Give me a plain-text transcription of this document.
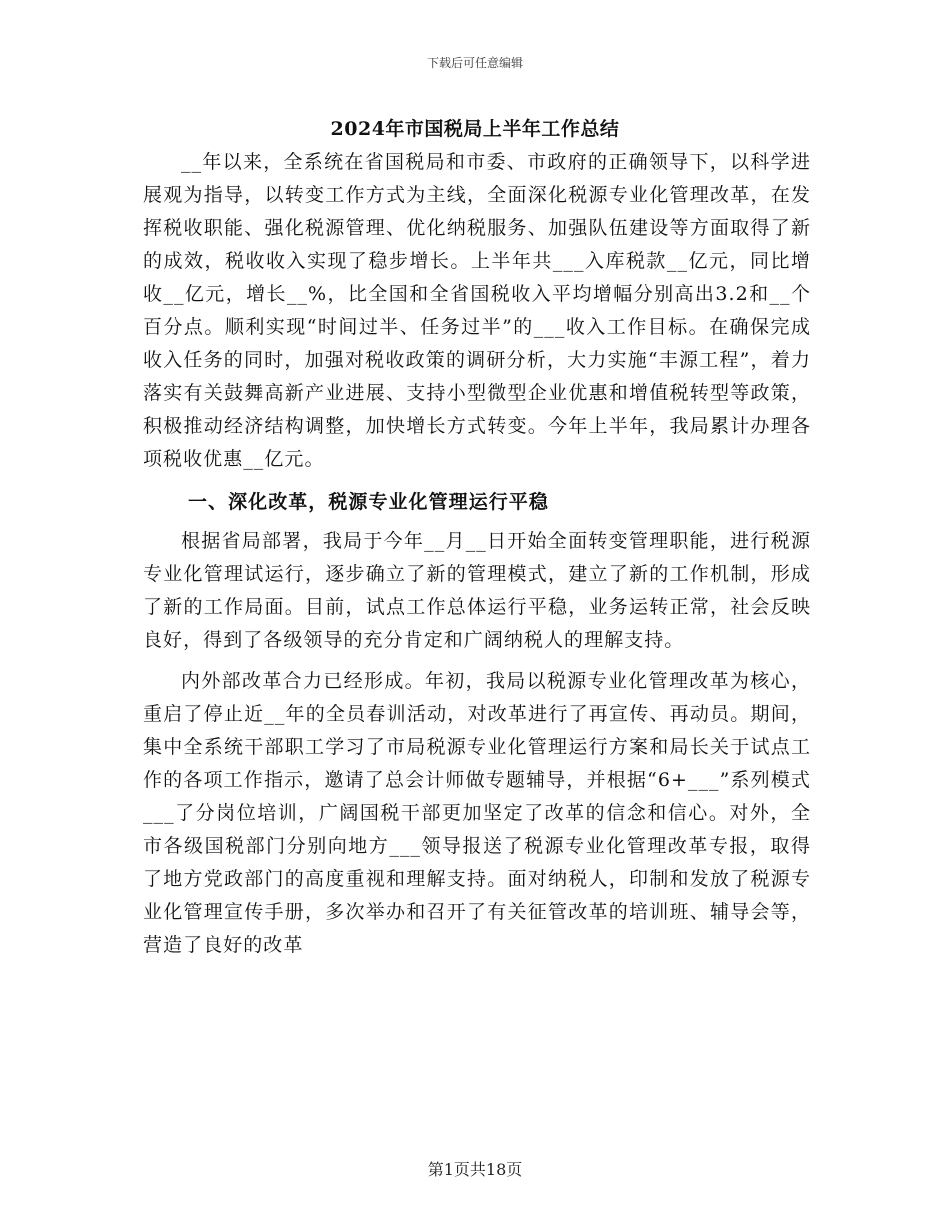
下载后可任意编辑
2024年市国税局上半年工作总结

__年以来，全系统在省国税局和市委、市政府的正确领导下，以科学进展观为指导，以转变工作方式为主线，全面深化税源专业化管理改革，在发挥税收职能、强化税源管理、优化纳税服务、加强队伍建设等方面取得了新的成效，税收收入实现了稳步增长。上半年共___入库税款__亿元，同比增收__亿元，增长__%，比全国和全省国税收入平均增幅分别高出3.2和__个百分点。顺利实现“时间过半、任务过半”的___收入工作目标。在确保完成收入任务的同时，加强对税收政策的调研分析，大力实施“丰源工程”，着力落实有关鼓舞高新产业进展、支持小型微型企业优惠和增值税转型等政策，积极推动经济结构调整，加快增长方式转变。今年上半年，我局累计办理各项税收优惠__亿元。

一、深化改革，税源专业化管理运行平稳

根据省局部署，我局于今年__月__日开始全面转变管理职能，进行税源专业化管理试运行，逐步确立了新的管理模式，建立了新的工作机制，形成了新的工作局面。目前，试点工作总体运行平稳，业务运转正常，社会反映良好，得到了各级领导的充分肯定和广阔纳税人的理解支持。

内外部改革合力已经形成。年初，我局以税源专业化管理改革为核心，重启了停止近__年的全员春训活动，对改革进行了再宣传、再动员。期间，集中全系统干部职工学习了市局税源专业化管理运行方案和局长关于试点工作的各项工作指示，邀请了总会计师做专题辅导，并根据“6+___”系列模式___了分岗位培训，广阔国税干部更加坚定了改革的信念和信心。对外，全市各级国税部门分别向地方___领导报送了税源专业化管理改革专报，取得了地方党政部门的高度重视和理解支持。面对纳税人，印制和发放了税源专业化管理宣传手册，多次举办和召开了有关征管改革的培训班、辅导会等，营造了良好的改革

第1页共18页
